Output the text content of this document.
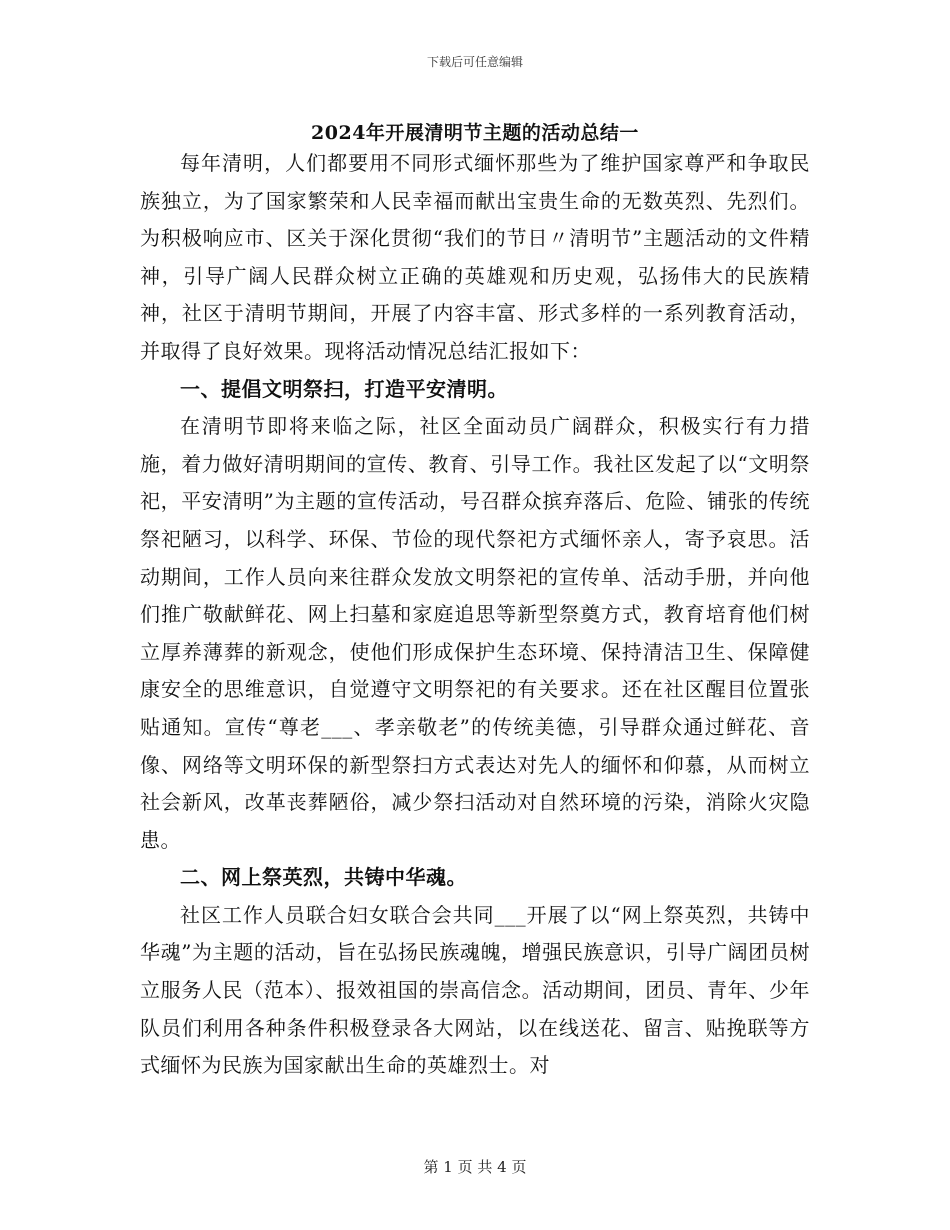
下载后可任意编辑
2024年开展清明节主题的活动总结一

每年清明，人们都要用不同形式缅怀那些为了维护国家尊严和争取民族独立，为了国家繁荣和人民幸福而献出宝贵生命的无数英烈、先烈们。为积极响应市、区关于深化贯彻“我们的节日〃清明节”主题活动的文件精神，引导广阔人民群众树立正确的英雄观和历史观，弘扬伟大的民族精神，社区于清明节期间，开展了内容丰富、形式多样的一系列教育活动，并取得了良好效果。现将活动情况总结汇报如下：

一、提倡文明祭扫，打造平安清明。

在清明节即将来临之际，社区全面动员广阔群众，积极实行有力措施，着力做好清明期间的宣传、教育、引导工作。我社区发起了以“文明祭祀，平安清明”为主题的宣传活动，号召群众摈弃落后、危险、铺张的传统祭祀陋习，以科学、环保、节俭的现代祭祀方式缅怀亲人，寄予哀思。活动期间，工作人员向来往群众发放文明祭祀的宣传单、活动手册，并向他们推广敬献鲜花、网上扫墓和家庭追思等新型祭奠方式，教育培育他们树立厚养薄葬的新观念，使他们形成保护生态环境、保持清洁卫生、保障健康安全的思维意识，自觉遵守文明祭祀的有关要求。还在社区醒目位置张贴通知。宣传“尊老___、孝亲敬老”的传统美德，引导群众通过鲜花、音像、网络等文明环保的新型祭扫方式表达对先人的缅怀和仰慕，从而树立社会新风，改革丧葬陋俗，减少祭扫活动对自然环境的污染，消除火灾隐患。

二、网上祭英烈，共铸中华魂。

社区工作人员联合妇女联合会共同___开展了以“网上祭英烈，共铸中华魂”为主题的活动，旨在弘扬民族魂魄，增强民族意识，引导广阔团员树立服务人民（范本）、报效祖国的崇高信念。活动期间，团员、青年、少年队员们利用各种条件积极登录各大网站，以在线送花、留言、贴挽联等方式缅怀为民族为国家献出生命的英雄烈士。对

第 1 页 共 4 页
